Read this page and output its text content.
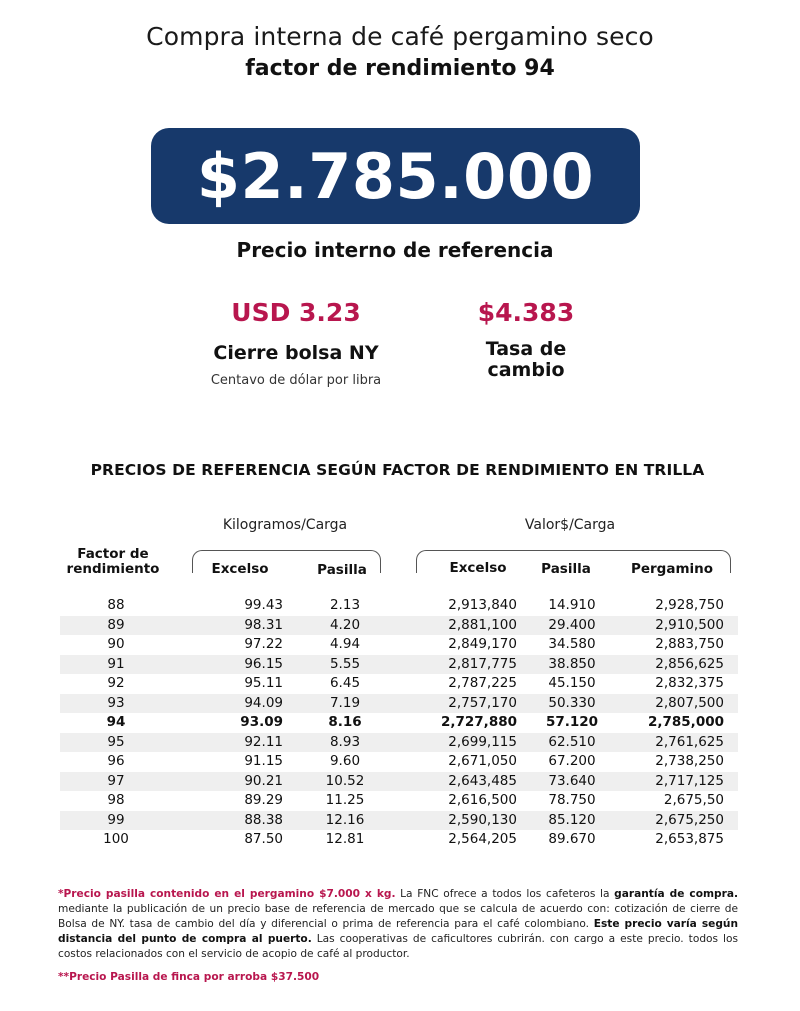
Compra interna de café pergamino seco
factor de rendimiento 94
$2.785.000
Precio interno de referencia
USD 3.23
Cierre bolsa NY
Centavo de dólar por libra
$4.383
Tasa de
cambio
PRECIOS DE REFERENCIA SEGÚN FACTOR DE RENDIMIENTO EN TRILLA
Kilogramos/Carga	Valor$/Carga
Factor de
rendimiento	Excelso	Pasilla	Excelso	Pasilla	Pergamino
88	99.43	2.13	2,913,840	14.910	2,928,750
89	98.31	4.20	2,881,100	29.400	2,910,500
90	97.22	4.94	2,849,170	34.580	2,883,750
91	96.15	5.55	2,817,775	38.850	2,856,625
92	95.11	6.45	2,787,225	45.150	2,832,375
93	94.09	7.19	2,757,170	50.330	2,807,500
94	93.09	8.16	2,727,880	57.120	2,785,000
95	92.11	8.93	2,699,115	62.510	2,761,625
96	91.15	9.60	2,671,050	67.200	2,738,250
97	90.21	10.52	2,643,485	73.640	2,717,125
98	89.29	11.25	2,616,500	78.750	2,675,50
99	88.38	12.16	2,590,130	85.120	2,675,250
100	87.50	12.81	2,564,205	89.670	2,653,875
*Precio pasilla contenido en el pergamino $7.000 x kg. La FNC ofrece a todos los cafeteros la garantía de compra. mediante la publicación de un precio base de referencia de mercado que se calcula de acuerdo con: cotización de cierre de Bolsa de NY. tasa de cambio del día y diferencial o prima de referencia para el café colombiano. Este precio varía según distancia del punto de compra al puerto. Las cooperativas de caficultores cubrirán. con cargo a este precio. todos los costos relacionados con el servicio de acopio de café al productor.
**Precio Pasilla de finca por arroba $37.500
